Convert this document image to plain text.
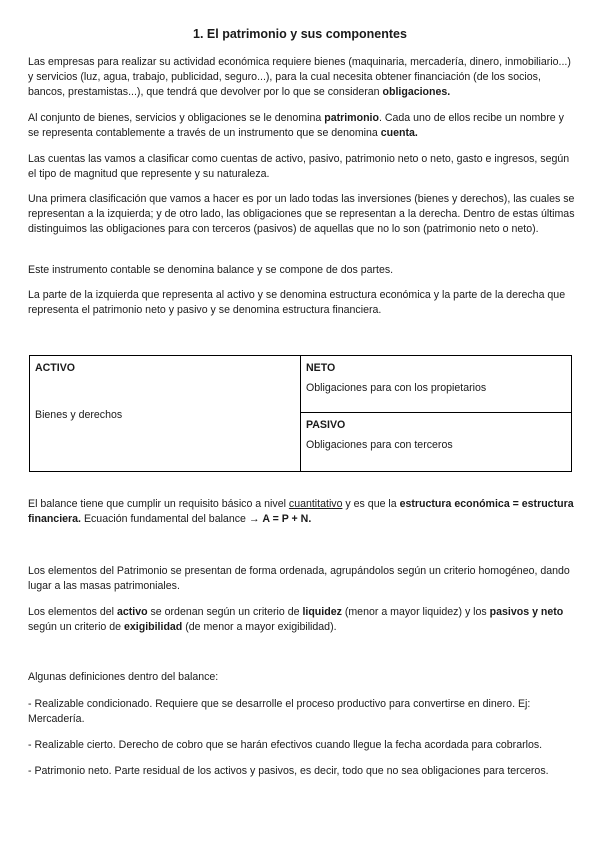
1. El patrimonio y sus componentes
Las empresas para realizar su actividad económica requiere bienes (maquinaria, mercadería, dinero, inmobiliario...) y servicios (luz, agua, trabajo, publicidad, seguro...), para la cual necesita obtener financiación (de los socios, bancos, prestamistas...), que tendrá que devolver por lo que se consideran obligaciones.
Al conjunto de bienes, servicios y obligaciones se le denomina patrimonio. Cada uno de ellos recibe un nombre y se representa contablemente a través de un instrumento que se denomina cuenta.
Las cuentas las vamos a clasificar como cuentas de activo, pasivo, patrimonio neto o neto, gasto e ingresos, según el tipo de magnitud que represente y su naturaleza.
Una primera clasificación que vamos a hacer es por un lado todas las inversiones (bienes y derechos), las cuales se representan a la izquierda; y de otro lado, las obligaciones que se representan a la derecha. Dentro de estas últimas distinguimos las obligaciones para con terceros (pasivos) de aquellas que no lo son (patrimonio neto o neto).
Este instrumento contable se denomina balance y se compone de dos partes.
La parte de la izquierda que representa al activo y se denomina estructura económica y la parte de la derecha que representa el patrimonio neto y pasivo y se denomina estructura financiera.
ACTIVO
Bienes y derechos

NETO
Obligaciones para con los propietarios

PASIVO
Obligaciones para con terceros
El balance tiene que cumplir un requisito básico a nivel cuantitativo y es que la estructura económica = estructura financiera. Ecuación fundamental del balance → A = P + N.
Los elementos del Patrimonio se presentan de forma ordenada, agrupándolos según un criterio homogéneo, dando lugar a las masas patrimoniales.
Los elementos del activo se ordenan según un criterio de liquidez (menor a mayor liquidez) y los pasivos y neto según un criterio de exigibilidad (de menor a mayor exigibilidad).
Algunas definiciones dentro del balance:
- Realizable condicionado. Requiere que se desarrolle el proceso productivo para convertirse en dinero. Ej: Mercadería.
- Realizable cierto. Derecho de cobro que se harán efectivos cuando llegue la fecha acordada para cobrarlos.
- Patrimonio neto. Parte residual de los activos y pasivos, es decir, todo que no sea obligaciones para terceros.
